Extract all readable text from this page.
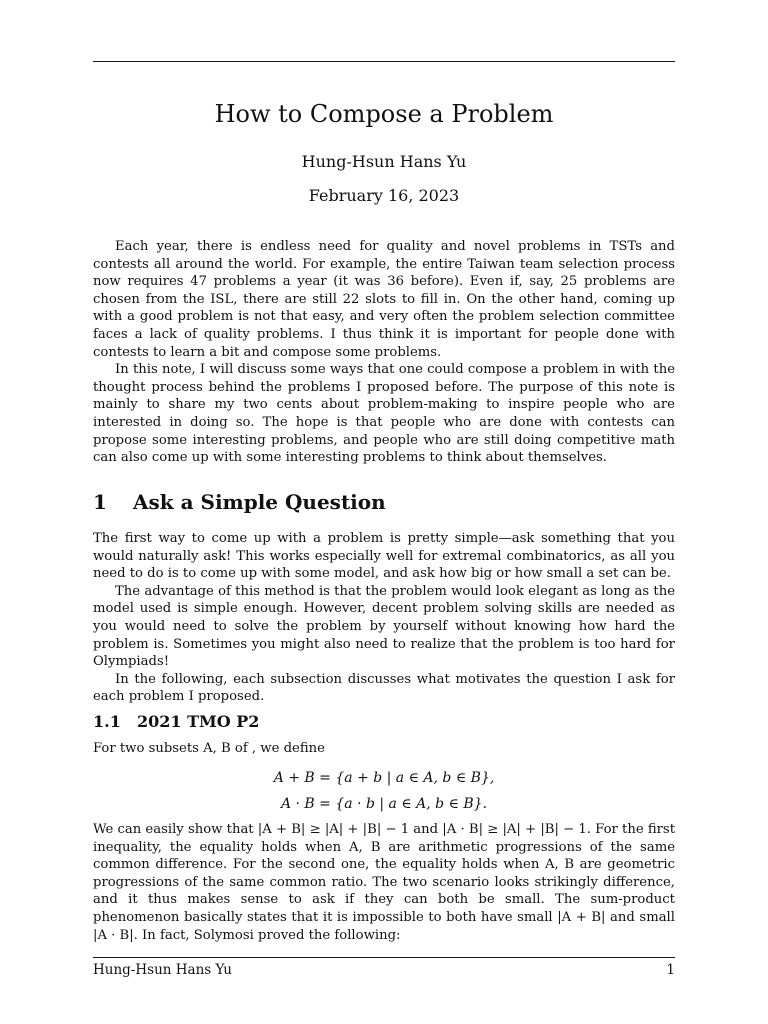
How to Compose a Problem
Hung-Hsun Hans Yu
February 16, 2023

Each year, there is endless need for quality and novel problems in TSTs and contests all around the world. For example, the entire Taiwan team selection process now requires 47 problems a year (it was 36 before). Even if, say, 25 problems are chosen from the ISL, there are still 22 slots to fill in. On the other hand, coming up with a good problem is not that easy, and very often the problem selection committee faces a lack of quality problems. I thus think it is important for people done with contests to learn a bit and compose some problems.

In this note, I will discuss some ways that one could compose a problem in with the thought process behind the problems I proposed before. The purpose of this note is mainly to share my two cents about problem-making to inspire people who are interested in doing so. The hope is that people who are done with contests can propose some interesting problems, and people who are still doing competitive math can also come up with some interesting problems to think about themselves.

1 Ask a Simple Question

The first way to come up with a problem is pretty simple—ask something that you would naturally ask! This works especially well for extremal combinatorics, as all you need to do is to come up with some model, and ask how big or how small a set can be.

The advantage of this method is that the problem would look elegant as long as the model used is simple enough. However, decent problem solving skills are needed as you would need to solve the problem by yourself without knowing how hard the problem is. Sometimes you might also need to realize that the problem is too hard for Olympiads!

In the following, each subsection discusses what motivates the question I ask for each problem I proposed.

1.1 2021 TMO P2
For two subsets A, B of , we define
A + B = {a + b | a ∈ A, b ∈ B},
A · B = {a · b | a ∈ A, b ∈ B}.
We can easily show that |A + B| ≥ |A| + |B| − 1 and |A · B| ≥ |A| + |B| − 1. For the first inequality, the equality holds when A, B are arithmetic progressions of the same common difference. For the second one, the equality holds when A, B are geometric progressions of the same common ratio. The two scenario looks strikingly difference, and it thus makes sense to ask if they can both be small. The sum-product phenomenon basically states that it is impossible to both have small |A + B| and small |A · B|. In fact, Solymosi proved the following:
Hung-Hsun Hans Yu	1
